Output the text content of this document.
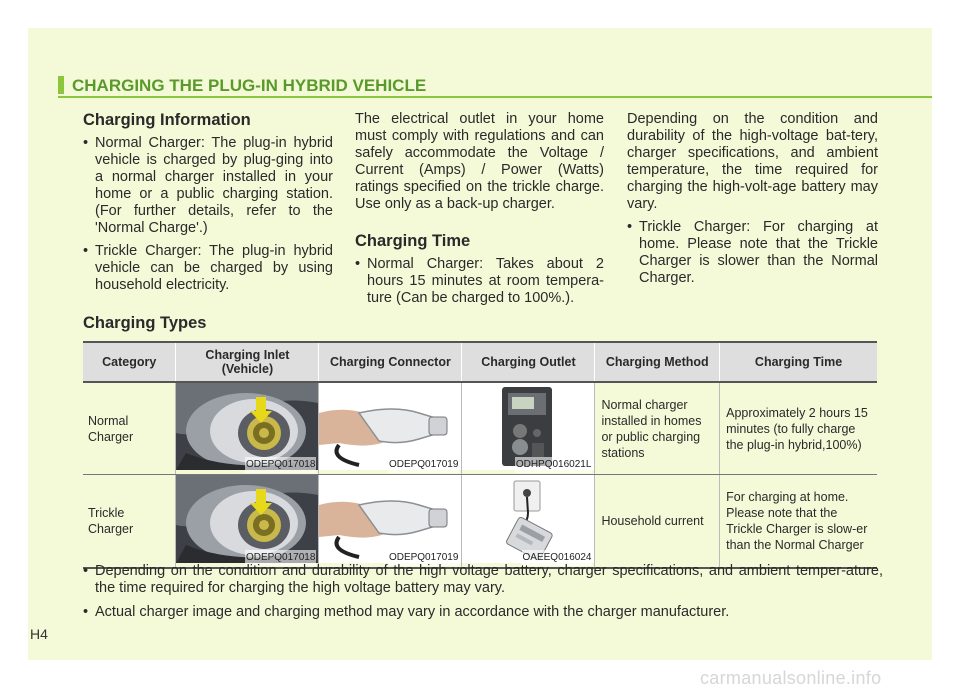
CHARGING THE PLUG-IN HYBRID VEHICLE
Charging Information
• Normal Charger: The plug-in hybrid vehicle is charged by plug-ging into a normal charger installed in your home or a public charging station. (For further details, refer to the 'Normal Charge'.)
• Trickle Charger: The plug-in hybrid vehicle can be charged by using household electricity.

The electrical outlet in your home must comply with regulations and can safely accommodate the Voltage / Current (Amps) / Power (Watts) ratings specified on the trickle charge. Use only as a back-up charger.

Charging Time
• Normal Charger: Takes about 2 hours 15 minutes at room tempera-ture (Can be charged to 100%.).

Depending on the condition and durability of the high-voltage bat-tery, charger specifications, and ambient temperature, the time required for charging the high-volt-age battery may vary.

• Trickle Charger: For charging at home. Please note that the Trickle Charger is slower than the Normal Charger.
Charging Types
Category	Charging Inlet (Vehicle)	Charging Connector	Charging Outlet	Charging Method	Charging Time
Normal Charger	ODEPQ017018	ODEPQ017019	ODHPQ016021L	Normal charger installed in homes or public charging stations	Approximately 2 hours 15 minutes (to fully charge the plug-in hybrid,100%)
Trickle Charger	ODEPQ017018	ODEPQ017019	OAEEQ016024	Household current	For charging at home. Please note that the Trickle Charger is slow-er than the Normal Charger
• Depending on the condition and durability of the high voltage battery, charger specifications, and ambient temper-ature, the time required for charging the high voltage battery may vary.
• Actual charger image and charging method may vary in accordance with the charger manufacturer.
H4
carmanualsonline.info
